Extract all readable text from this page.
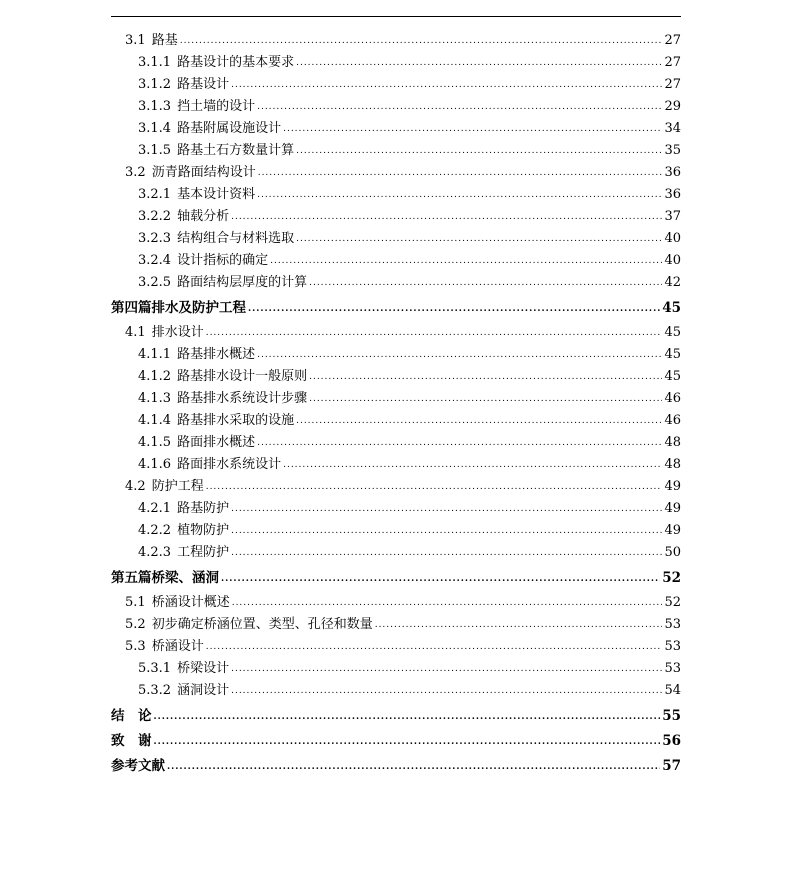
3.1 路基 .....	27
3.1.1 路基设计的基本要求 .....	27
3.1.2 路基设计 .....	27
3.1.3 挡土墙的设计 .....	29
3.1.4 路基附属设施设计 .....	34
3.1.5 路基土石方数量计算 .....	35
3.2 沥青路面结构设计 .....	36
3.2.1 基本设计资料 .....	36
3.2.2 轴载分析 .....	37
3.2.3 结构组合与材料选取 .....	40
3.2.4 设计指标的确定 .....	40
3.2.5 路面结构层厚度的计算 .....	42
第四篇 排水及防护工程 .....	45
4.1 排水设计 .....	45
4.1.1 路基排水概述 .....	45
4.1.2 路基排水设计一般原则 .....	45
4.1.3 路基排水系统设计步骤 .....	46
4.1.4 路基排水采取的设施 .....	46
4.1.5 路面排水概述 .....	48
4.1.6 路面排水系统设计 .....	48
4.2 防护工程 .....	49
4.2.1 路基防护 .....	49
4.2.2 植物防护 .....	49
4.2.3 工程防护 .....	50
第五篇 桥梁、涵洞 .....	52
5.1 桥涵设计概述 .....	52
5.2 初步确定桥涵位置、类型、孔径和数量 .....	53
5.3 桥涵设计 .....	53
5.3.1 桥梁设计 .....	53
5.3.2 涵洞设计 .....	54
结　论 .....	55
致　谢 .....	56
参考文献 .....	57
